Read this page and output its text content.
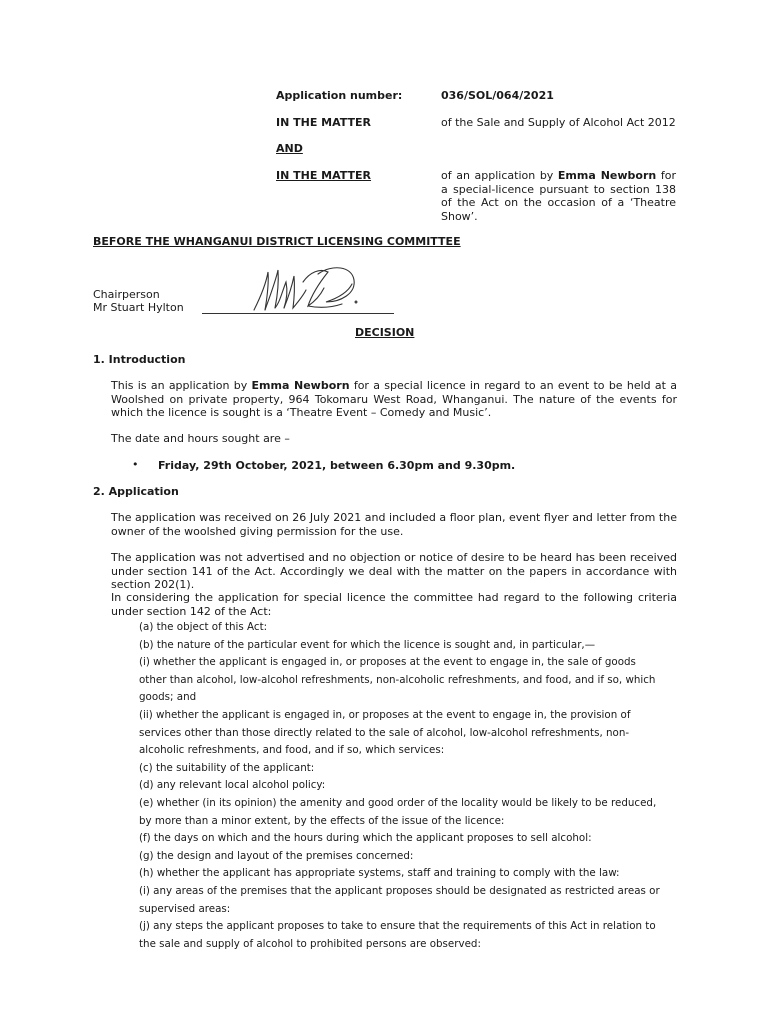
Application number:	036/SOL/064/2021
IN THE MATTER	of the Sale and Supply of Alcohol Act 2012
AND
IN THE MATTER	of an application by Emma Newborn for a special-licence pursuant to section 138 of the Act on the occasion of a ‘Theatre Show’.
BEFORE THE WHANGANUI DISTRICT LICENSING COMMITTEE
Chairperson
Mr Stuart Hylton
DECISION
1. Introduction
This is an application by Emma Newborn for a special licence in regard to an event to be held at a Woolshed on private property, 964 Tokomaru West Road, Whanganui. The nature of the events for which the licence is sought is a ‘Theatre Event – Comedy and Music’.
The date and hours sought are –
• Friday, 29th October, 2021, between 6.30pm and 9.30pm.
2. Application
The application was received on 26 July 2021 and included a floor plan, event flyer and letter from the owner of the woolshed giving permission for the use.
The application was not advertised and no objection or notice of desire to be heard has been received under section 141 of the Act. Accordingly we deal with the matter on the papers in accordance with section 202(1).
In considering the application for special licence the committee had regard to the following criteria under section 142 of the Act:
(a) the object of this Act:
(b) the nature of the particular event for which the licence is sought and, in particular,—
(i) whether the applicant is engaged in, or proposes at the event to engage in, the sale of goods
other than alcohol, low-alcohol refreshments, non-alcoholic refreshments, and food, and if so, which
goods; and
(ii) whether the applicant is engaged in, or proposes at the event to engage in, the provision of
services other than those directly related to the sale of alcohol, low-alcohol refreshments, non-
alcoholic refreshments, and food, and if so, which services:
(c) the suitability of the applicant:
(d) any relevant local alcohol policy:
(e) whether (in its opinion) the amenity and good order of the locality would be likely to be reduced,
by more than a minor extent, by the effects of the issue of the licence:
(f) the days on which and the hours during which the applicant proposes to sell alcohol:
(g) the design and layout of the premises concerned:
(h) whether the applicant has appropriate systems, staff and training to comply with the law:
(i) any areas of the premises that the applicant proposes should be designated as restricted areas or
supervised areas:
(j) any steps the applicant proposes to take to ensure that the requirements of this Act in relation to
the sale and supply of alcohol to prohibited persons are observed:
